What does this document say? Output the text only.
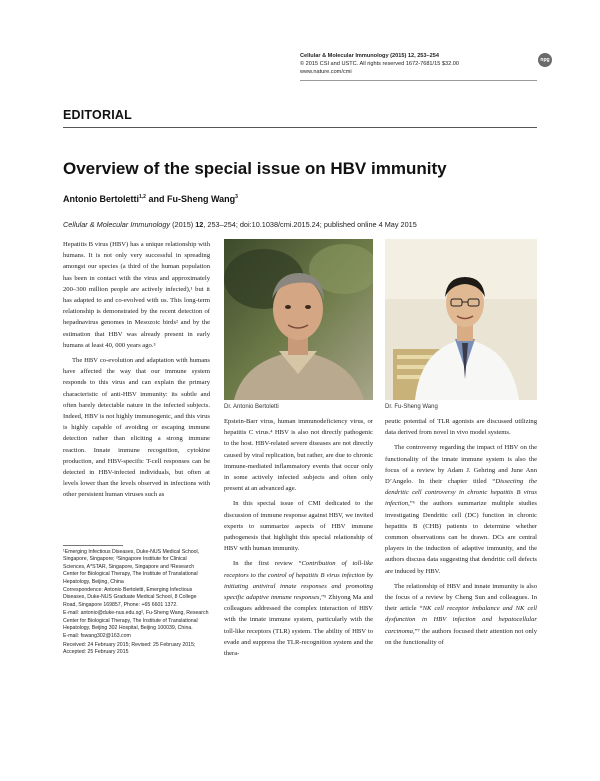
Cellular & Molecular Immunology (2015) 12, 253–254
© 2015 CSI and USTC. All rights reserved 1672-7681/15 $32.00
www.nature.com/cmi
npg
EDITORIAL
Overview of the special issue on HBV immunity
Antonio Bertoletti$^{1,2}$ and Fu-Sheng Wang$^3$
Cellular & Molecular Immunology (2015) 12, 253–254; doi:10.1038/cmi.2015.24; published online 4 May 2015

Hepatitis B virus (HBV) has a unique relationship with humans. It is not only very successful in spreading amongst our species (a third of the human population has been in contact with the virus and approximately 200–300 million people are actively infected),¹ but it has adapted to and co-evolved with us. This long-term relationship is demonstrated by the recent detection of hepadnavirus genomes in Mesozoic birds² and by the estimation that HBV was already present in early humans at least 40, 000 years ago.³

The HBV co-evolution and adaptation with humans have affected the way that our immune system responds to this virus and can explain the primary characteristic of anti-HBV immunity: its subtle and often barely detectable nature in the infected subjects. Indeed, HBV is not highly immunogenic, and this virus is highly capable of avoiding or escaping immune detection rather than eliciting a strong immune reaction. Innate immune recognition, cytokine production, and HBV-specific T-cell responses can be detected in HBV-infected individuals, but often at levels lower than the levels observed in infections with other persistent human viruses such as

¹Emerging Infectious Diseases, Duke-NUS Medical School, Singapore, Singapore; ²Singapore Institute for Clinical Sciences, A*STAR, Singapore, Singapore and ³Research Center for Biological Therapy, The Institute of Translational Hepatology, Beijing, China

Correspondence: Antonio Bertoletti, Emerging Infectious Diseases, Duke-NUS Graduate Medical School, 8 College Road, Singapore 169857, Phone: +65 6601 1372.

E-mail: antonio@duke-nus.edu.sg², Fu-Sheng Wang, Research Center for Biological Therapy, The Institute of Translational Hepatology, Beijing 302 Hospital, Beijing 100039, China.

E-mail: fswang302@163.com

Received: 24 February 2015; Revised: 25 February 2015; Accepted: 25 February 2015

Dr. Antonio Bertoletti	Dr. Fu-Sheng Wang

Epstein-Barr virus, human immunodeficiency virus, or hepatitis C virus.⁴ HBV is also not directly pathogenic to the host. HBV-related severe diseases are not directly caused by viral replication, but rather, are due to chronic immune-mediated inflammatory events that occur only in some actively infected subjects and often only present at an advanced age.

In this special issue of CMI dedicated to the discussion of immune response against HBV, we invited experts to summarize aspects of HBV immune pathogenesis that highlight this special relationship of HBV with human immunity.

In the first review “Contribution of toll-like receptors to the control of hepatitis B virus infection by initiating antiviral innate responses and promoting specific adaptive immune responses,”⁵ Zhiyong Ma and colleagues addressed the complex interaction of HBV with the innate immune system, particularly with the toll-like receptors (TLR) system. The ability of HBV to evade and suppress the TLR-recognition system and the thera-

peutic potential of TLR agonists are discussed utilizing data derived from novel in vivo model systems.

The controversy regarding the impact of HBV on the functionality of the innate immune system is also the focus of a review by Adam J. Gehring and June Ann D’Angelo. In their chapter titled “Dissecting the dendritic cell controversy in chronic hepatitis B virus infection,”⁶ the authors summarize multiple studies investigating Dendritic cell (DC) function in chronic hepatitis B (CHB) patients to determine whether common observations can be drawn. DCs are central players in the induction of adaptive immunity, and the authors discuss data suggesting that dendritic cell defects are induced by HBV.

The relationship of HBV and innate immunity is also the focus of a review by Cheng Sun and colleagues. In their article “NK cell receptor imbalance and NK cell dysfunction in HBV infection and hepatocellular carcinoma,”⁷ the authors focused their attention not only on the functionality of
